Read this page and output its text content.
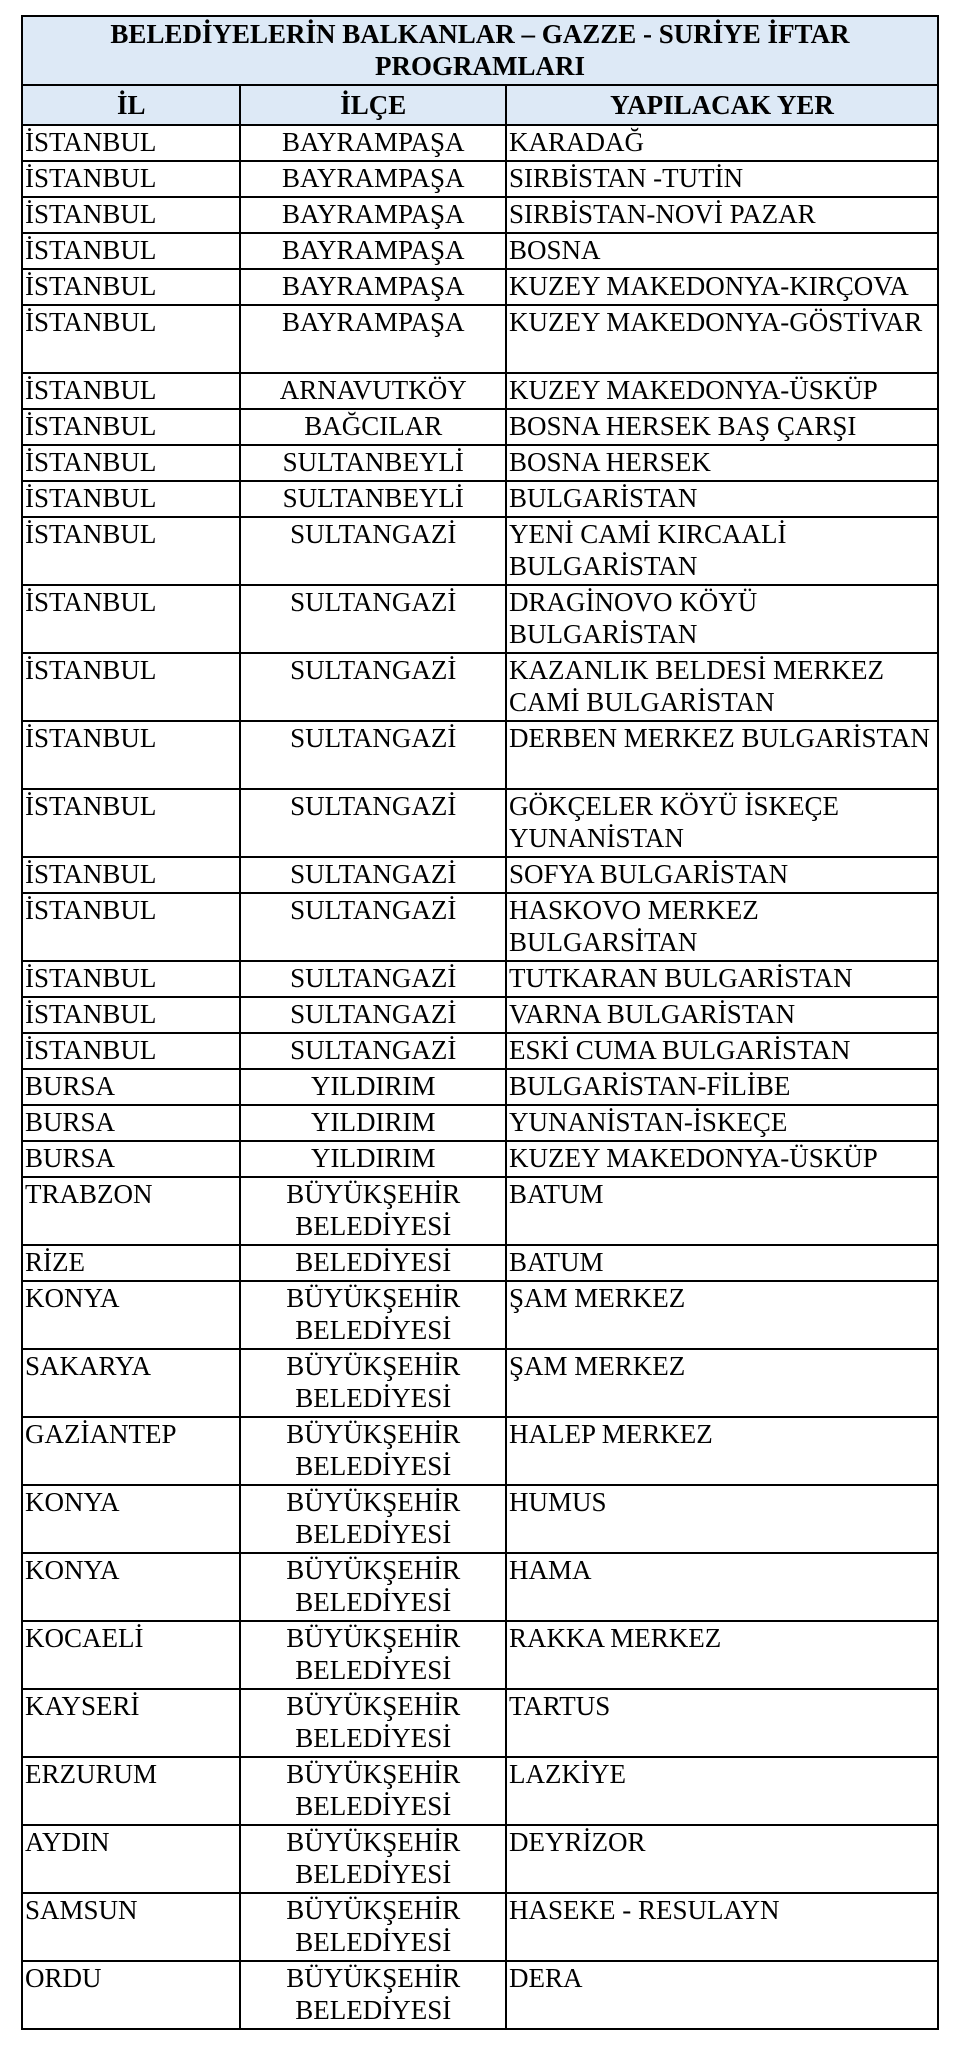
BELEDİYELERİN BALKANLAR – GAZZE - SURİYE İFTAR PROGRAMLARI		
İL	İLÇE	YAPILACAK YER
İSTANBUL	BAYRAMPAŞA	KARADAĞ
İSTANBUL	BAYRAMPAŞA	SIRBİSTAN -TUTİN
İSTANBUL	BAYRAMPAŞA	SIRBİSTAN-NOVİ PAZAR
İSTANBUL	BAYRAMPAŞA	BOSNA
İSTANBUL	BAYRAMPAŞA	KUZEY MAKEDONYA-KIRÇOVA
İSTANBUL	BAYRAMPAŞA	KUZEY MAKEDONYA-GÖSTİVAR
İSTANBUL	ARNAVUTKÖY	KUZEY MAKEDONYA-ÜSKÜP
İSTANBUL	BAĞCILAR	BOSNA HERSEK BAŞ ÇARŞI
İSTANBUL	SULTANBEYLİ	BOSNA HERSEK
İSTANBUL	SULTANBEYLİ	BULGARİSTAN
İSTANBUL	SULTANGAZİ	YENİ CAMİ KIRCAALİ BULGARİSTAN
İSTANBUL	SULTANGAZİ	DRAGİNOVO KÖYÜ BULGARİSTAN
İSTANBUL	SULTANGAZİ	KAZANLIK BELDESİ MERKEZ CAMİ BULGARİSTAN
İSTANBUL	SULTANGAZİ	DERBEN MERKEZ BULGARİSTAN
İSTANBUL	SULTANGAZİ	GÖKÇELER KÖYÜ İSKEÇE YUNANİSTAN
İSTANBUL	SULTANGAZİ	SOFYA BULGARİSTAN
İSTANBUL	SULTANGAZİ	HASKOVO MERKEZ BULGARSİTAN
İSTANBUL	SULTANGAZİ	TUTKARAN BULGARİSTAN
İSTANBUL	SULTANGAZİ	VARNA BULGARİSTAN
İSTANBUL	SULTANGAZİ	ESKİ CUMA BULGARİSTAN
BURSA	YILDIRIM	BULGARİSTAN-FİLİBE
BURSA	YILDIRIM	YUNANİSTAN-İSKEÇE
BURSA	YILDIRIM	KUZEY MAKEDONYA-ÜSKÜP
TRABZON	BÜYÜKŞEHİR BELEDİYESİ	BATUM
RİZE	BELEDİYESİ	BATUM
KONYA	BÜYÜKŞEHİR BELEDİYESİ	ŞAM MERKEZ
SAKARYA	BÜYÜKŞEHİR BELEDİYESİ	ŞAM MERKEZ
GAZİANTEP	BÜYÜKŞEHİR BELEDİYESİ	HALEP MERKEZ
KONYA	BÜYÜKŞEHİR BELEDİYESİ	HUMUS
KONYA	BÜYÜKŞEHİR BELEDİYESİ	HAMA
KOCAELİ	BÜYÜKŞEHİR BELEDİYESİ	RAKKA MERKEZ
KAYSERİ	BÜYÜKŞEHİR BELEDİYESİ	TARTUS
ERZURUM	BÜYÜKŞEHİR BELEDİYESİ	LAZKİYE
AYDIN	BÜYÜKŞEHİR BELEDİYESİ	DEYRİZOR
SAMSUN	BÜYÜKŞEHİR BELEDİYESİ	HASEKE - RESULAYN
ORDU	BÜYÜKŞEHİR BELEDİYESİ	DERA
